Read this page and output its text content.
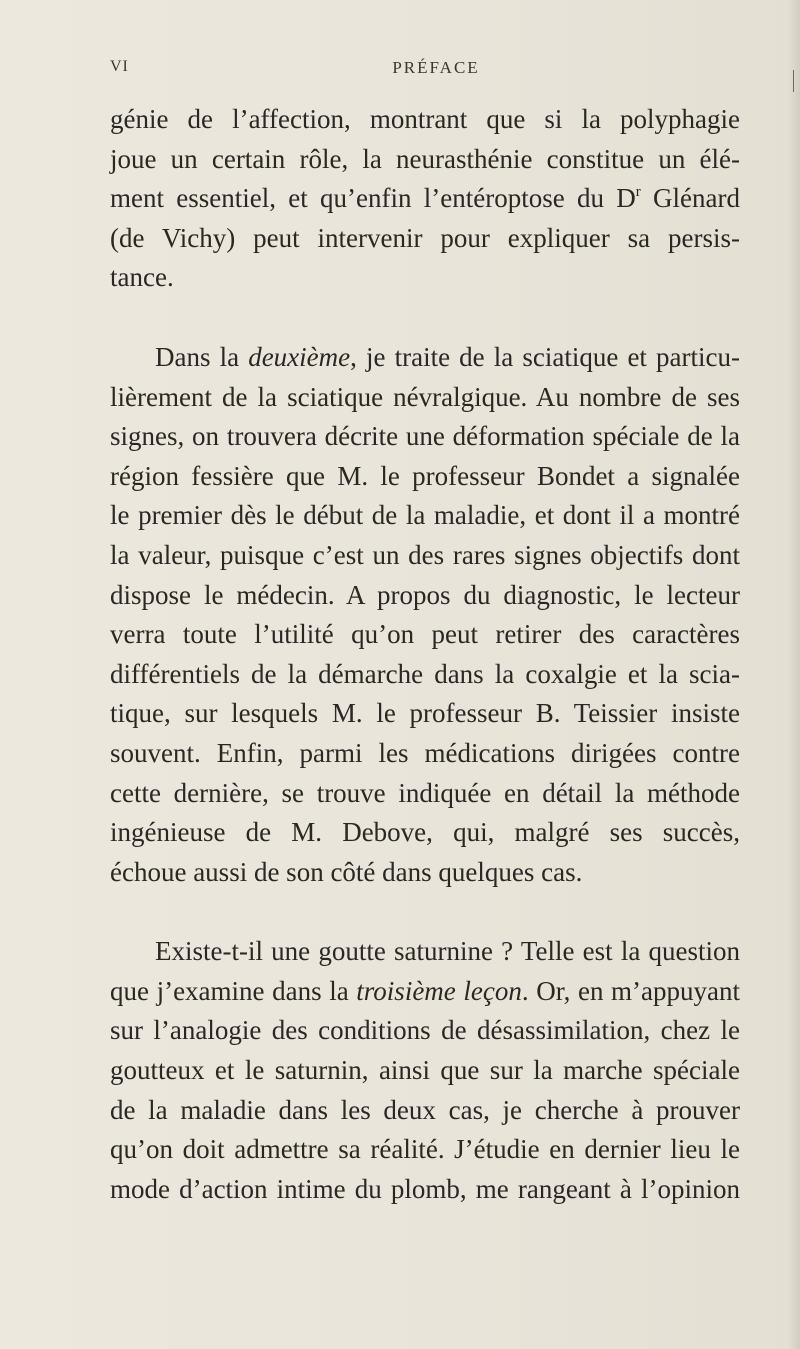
VI	PRÉFACE

génie de l’affection, montrant que si la polyphagie
joue un certain rôle, la neurasthénie constitue un élé-
ment essentiel, et qu’enfin l’entéroptose du $D^r$ Glénard
(de Vichy) peut intervenir pour expliquer sa persis-
tance.

Dans la deuxième, je traite de la sciatique et particu-
lièrement de la sciatique névralgique. Au nombre de ses
signes, on trouvera décrite une déformation spéciale de la
région fessière que M. le professeur Bondet a signalée
le premier dès le début de la maladie, et dont il a montré
la valeur, puisque c’est un des rares signes objectifs dont
dispose le médecin. A propos du diagnostic, le lecteur
verra toute l’utilité qu’on peut retirer des caractères
différentiels de la démarche dans la coxalgie et la scia-
tique, sur lesquels M. le professeur B. Teissier insiste
souvent. Enfin, parmi les médications dirigées contre
cette dernière, se trouve indiquée en détail la méthode
ingénieuse de M. Debove, qui, malgré ses succès,
échoue aussi de son côté dans quelques cas.

Existe-t-il une goutte saturnine ? Telle est la question
que j’examine dans la troisième leçon. Or, en m’appuyant
sur l’analogie des conditions de désassimilation, chez le
goutteux et le saturnin, ainsi que sur la marche spéciale
de la maladie dans les deux cas, je cherche à prouver
qu’on doit admettre sa réalité. J’étudie en dernier lieu le
mode d’action intime du plomb, me rangeant à l’opinion
